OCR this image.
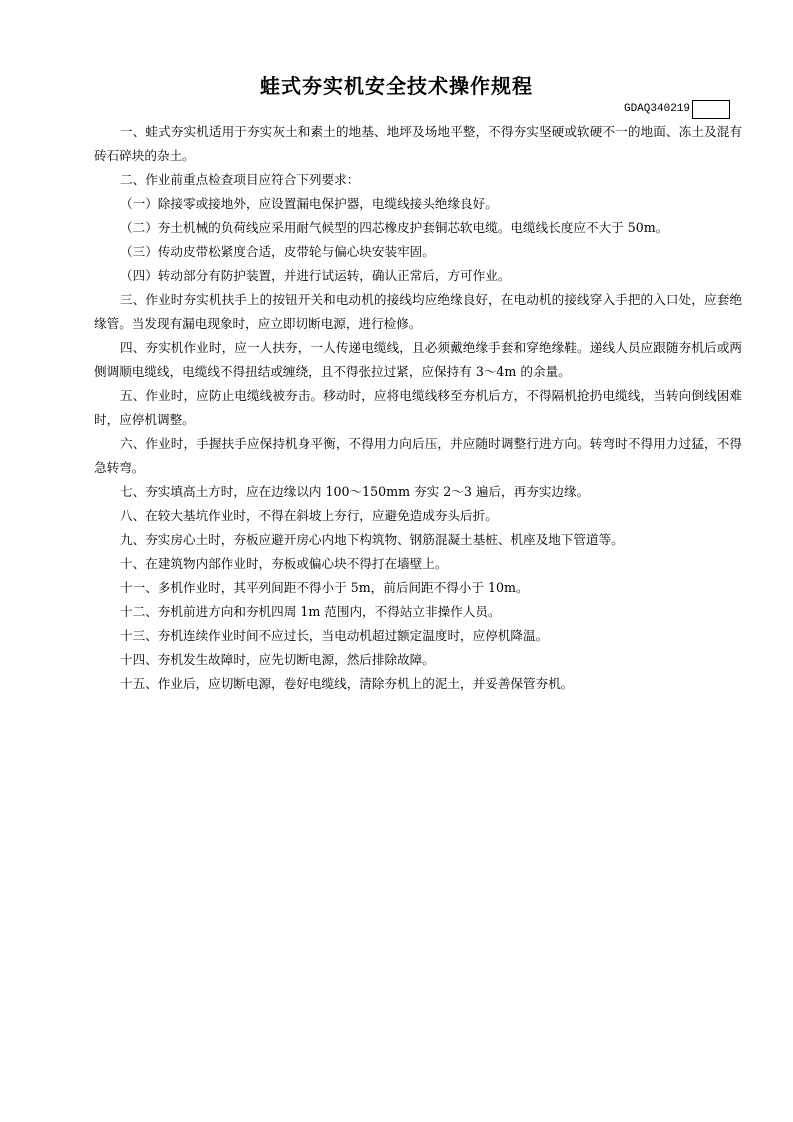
蛙式夯实机安全技术操作规程
GDAQ340219

一、蛙式夯实机适用于夯实灰土和素土的地基、地坪及场地平整，不得夯实坚硬或软硬不一的地面、冻土及混有砖石碎块的杂土。

二、作业前重点检查项目应符合下列要求：

（一）除接零或接地外，应设置漏电保护器，电缆线接头绝缘良好。

（二）夯土机械的负荷线应采用耐气候型的四芯橡皮护套铜芯软电缆。电缆线长度应不大于 50m。

（三）传动皮带松紧度合适，皮带轮与偏心块安装牢固。

（四）转动部分有防护装置，并进行试运转，确认正常后，方可作业。

三、作业时夯实机扶手上的按钮开关和电动机的接线均应绝缘良好，在电动机的接线穿入手把的入口处，应套绝缘管。当发现有漏电现象时，应立即切断电源，进行检修。

四、夯实机作业时，应一人扶夯，一人传递电缆线，且必须戴绝缘手套和穿绝缘鞋。递线人员应跟随夯机后或两侧调顺电缆线，电缆线不得扭结或缠绕，且不得张拉过紧，应保持有 3～4m 的余量。

五、作业时，应防止电缆线被夯击。移动时，应将电缆线移至夯机后方，不得隔机抢扔电缆线，当转向倒线困难时，应停机调整。

六、作业时，手握扶手应保持机身平衡，不得用力向后压，并应随时调整行进方向。转弯时不得用力过猛，不得急转弯。

七、夯实填高土方时，应在边缘以内 100～150mm 夯实 2～3 遍后，再夯实边缘。

八、在较大基坑作业时，不得在斜坡上夯行，应避免造成夯头后折。

九、夯实房心土时，夯板应避开房心内地下构筑物、钢筋混凝土基桩、机座及地下管道等。

十、在建筑物内部作业时，夯板或偏心块不得打在墙壁上。

十一、多机作业时，其平列间距不得小于 5m，前后间距不得小于 10m。

十二、夯机前进方向和夯机四周 1m 范围内，不得站立非操作人员。

十三、夯机连续作业时间不应过长，当电动机超过额定温度时，应停机降温。

十四、夯机发生故障时，应先切断电源，然后排除故障。

十五、作业后，应切断电源，卷好电缆线，清除夯机上的泥土，并妥善保管夯机。
